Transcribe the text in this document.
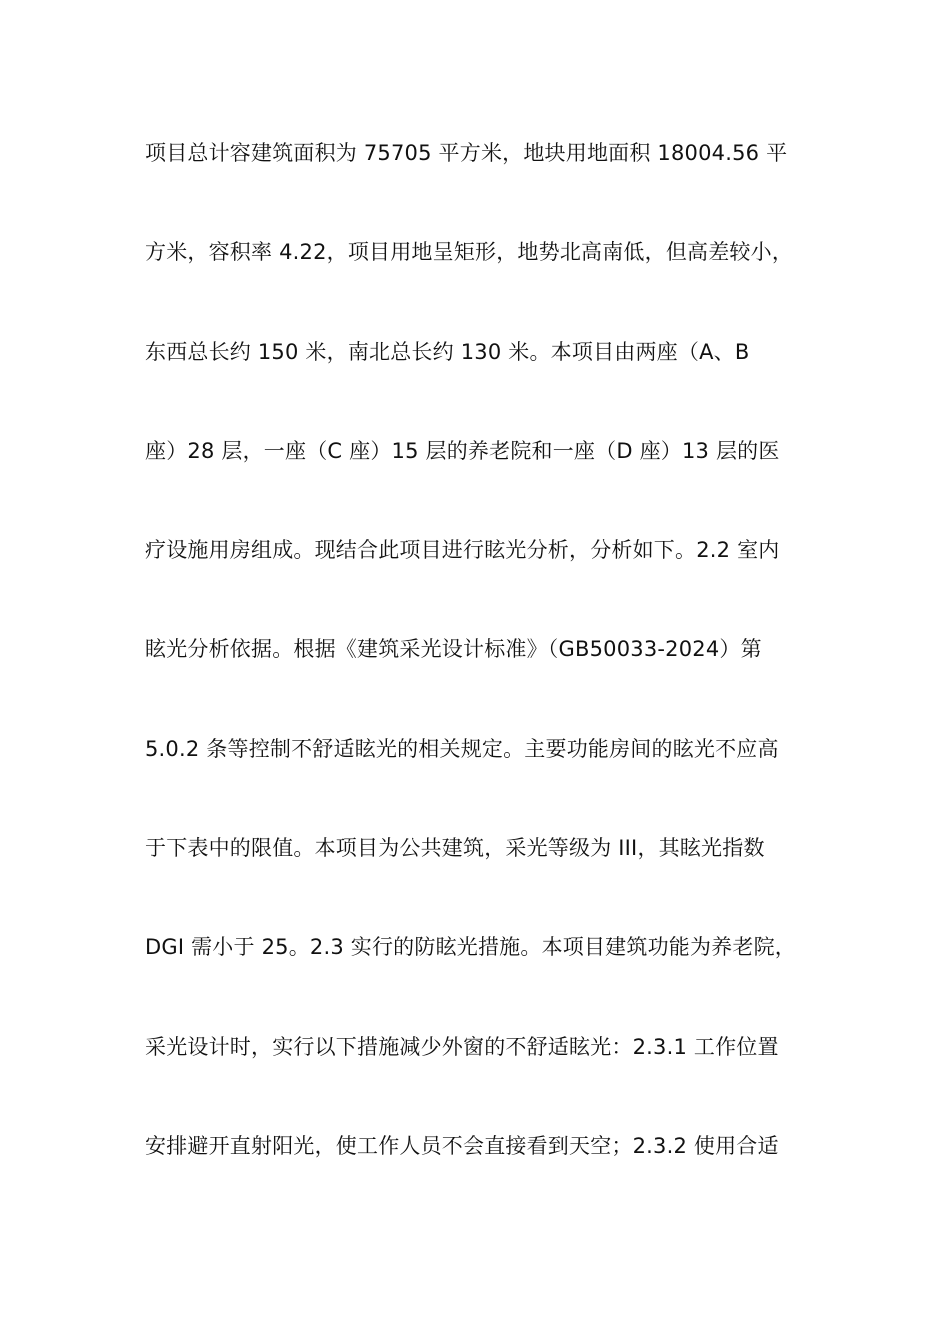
项目总计容建筑面积为 75705 平方米，地块用地面积 18004.56 平
方米，容积率 4.22，项目用地呈矩形，地势北高南低，但高差较小，
东西总长约 150 米，南北总长约 130 米。本项目由两座（A、B
座）28 层，一座（C 座）15 层的养老院和一座（D 座）13 层的医
疗设施用房组成。现结合此项目进行眩光分析，分析如下。2.2 室内
眩光分析依据。根据《建筑采光设计标准》（GB50033-2024）第
5.0.2 条等控制不舒适眩光的相关规定。主要功能房间的眩光不应高
于下表中的限值。本项目为公共建筑，采光等级为 III，其眩光指数
DGI 需小于 25。2.3 实行的防眩光措施。本项目建筑功能为养老院，
采光设计时，实行以下措施减少外窗的不舒适眩光：2.3.1 工作位置
安排避开直射阳光，使工作人员不会直接看到天空；2.3.2 使用合适
